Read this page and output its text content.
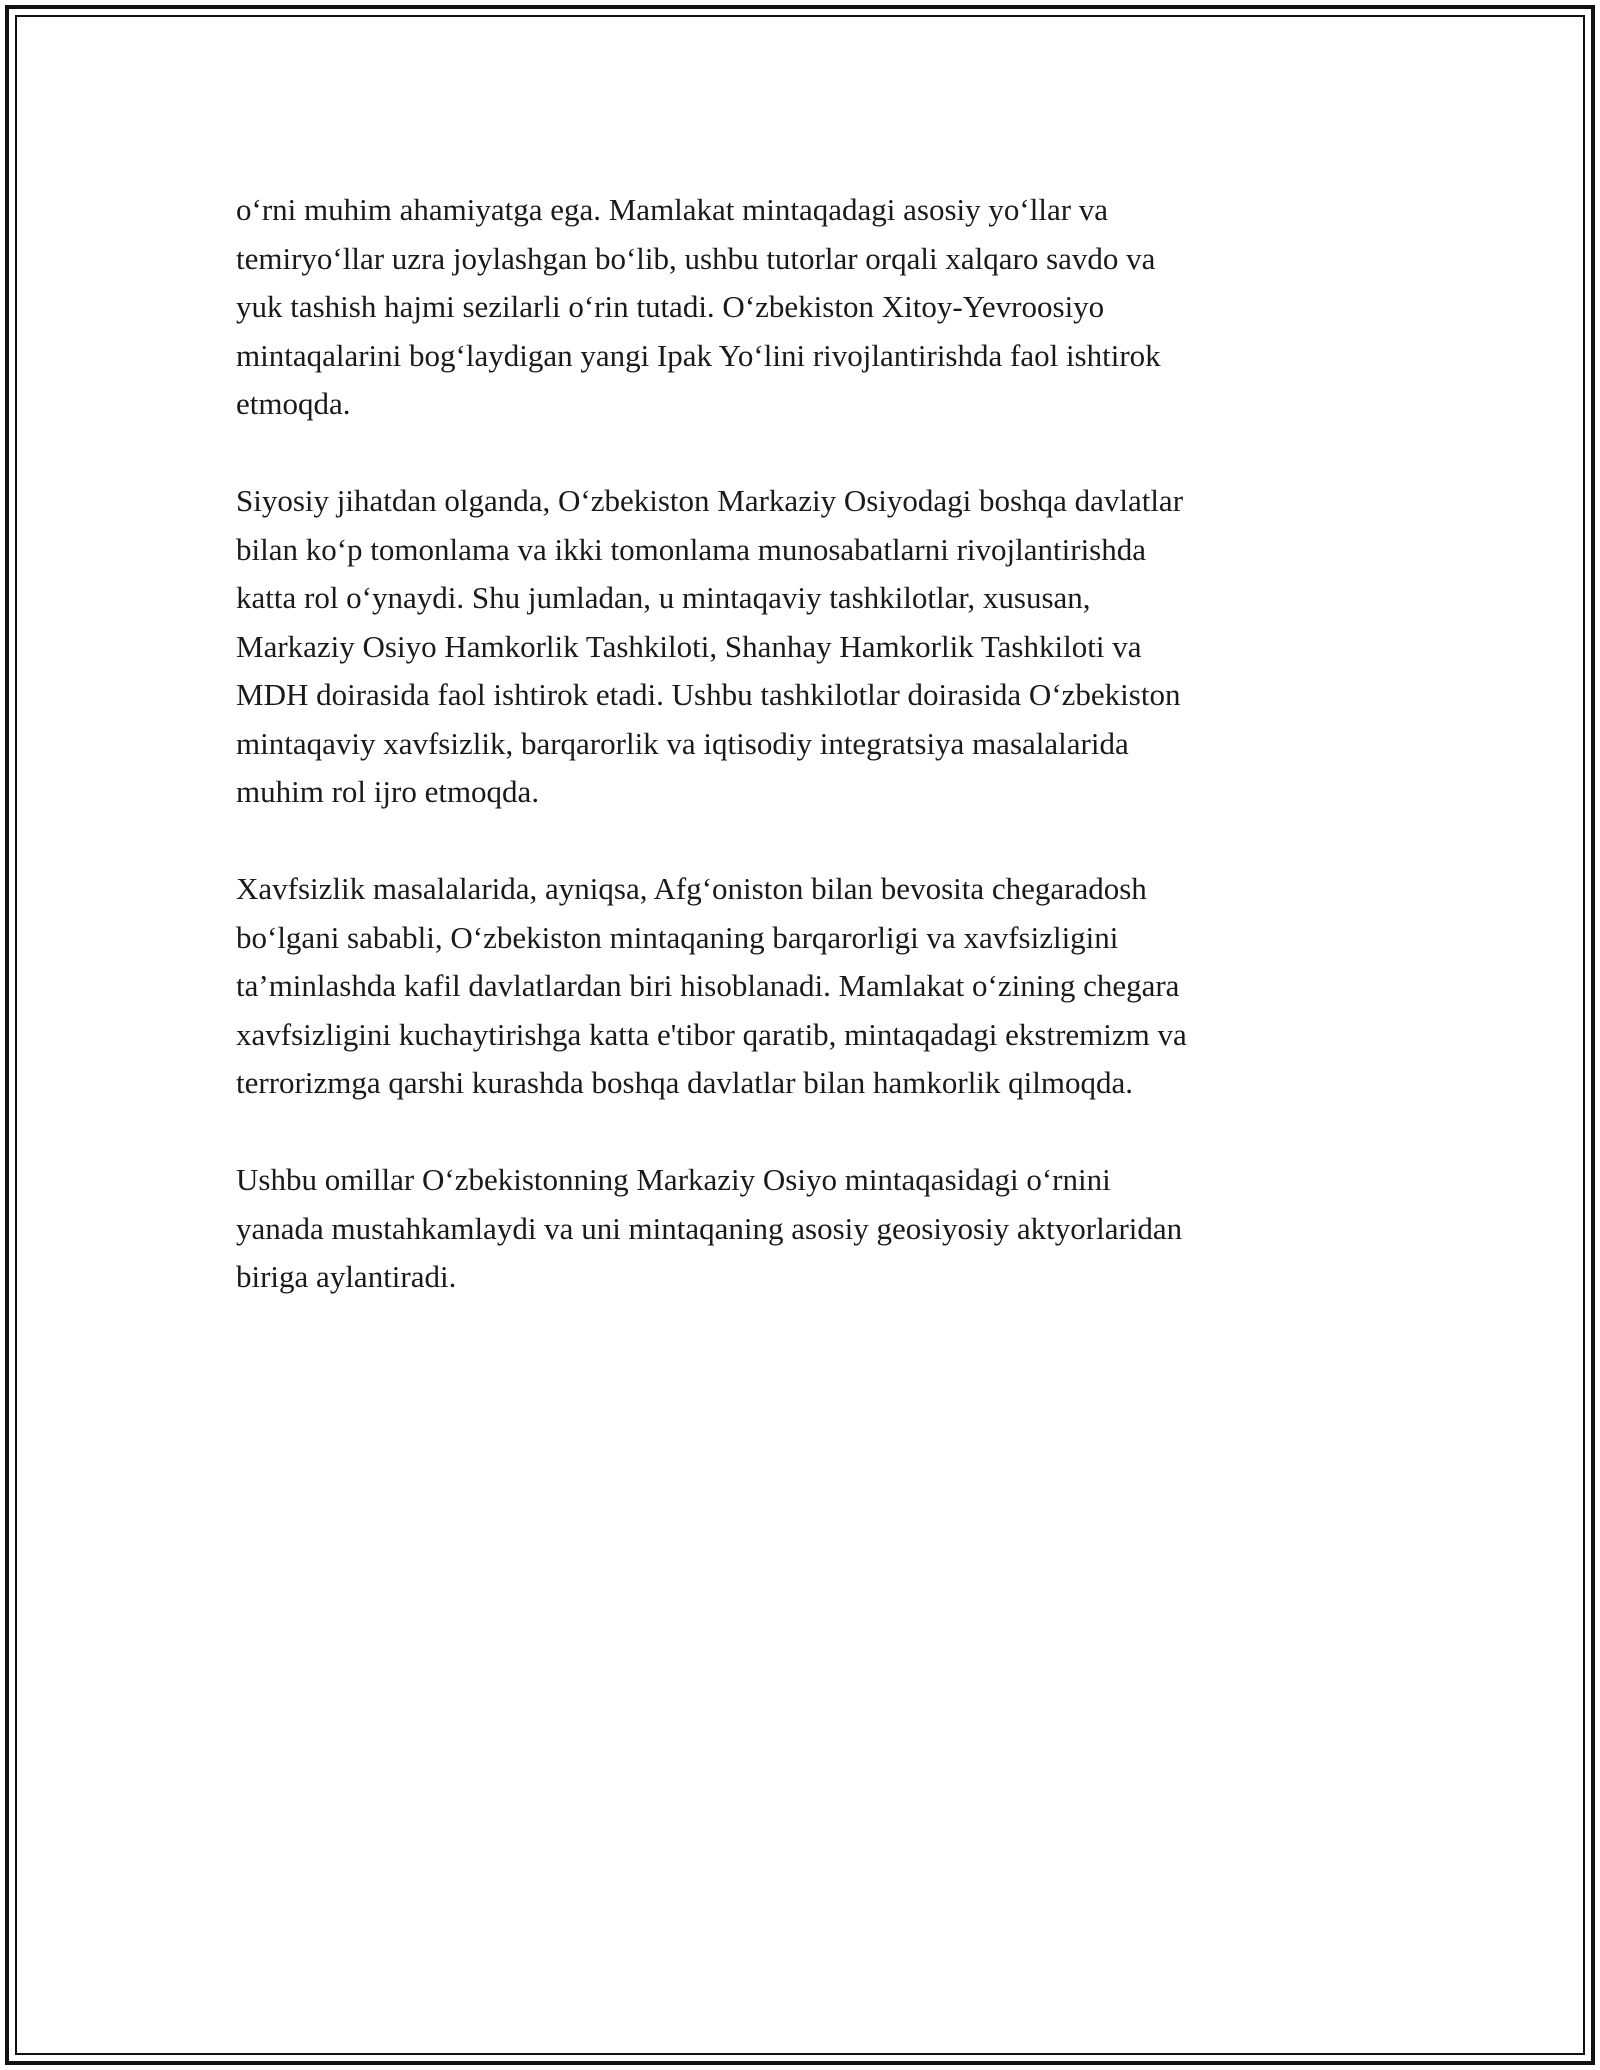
o‘rni muhim ahamiyatga ega. Mamlakat mintaqadagi asosiy yo‘llar va
temiryo‘llar uzra joylashgan bo‘lib, ushbu tutorlar orqali xalqaro savdo va
yuk tashish hajmi sezilarli o‘rin tutadi. O‘zbekiston Xitoy-Yevroosiyo
mintaqalarini bog‘laydigan yangi Ipak Yo‘lini rivojlantirishda faol ishtirok
etmoqda.

Siyosiy jihatdan olganda, O‘zbekiston Markaziy Osiyodagi boshqa davlatlar
bilan ko‘p tomonlama va ikki tomonlama munosabatlarni rivojlantirishda
katta rol o‘ynaydi. Shu jumladan, u mintaqaviy tashkilotlar, xususan,
Markaziy Osiyo Hamkorlik Tashkiloti, Shanhay Hamkorlik Tashkiloti va
MDH doirasida faol ishtirok etadi. Ushbu tashkilotlar doirasida O‘zbekiston
mintaqaviy xavfsizlik, barqarorlik va iqtisodiy integratsiya masalalarida
muhim rol ijro etmoqda.

Xavfsizlik masalalarida, ayniqsa, Afg‘oniston bilan bevosita chegaradosh
bo‘lgani sababli, O‘zbekiston mintaqaning barqarorligi va xavfsizligini
ta’minlashda kafil davlatlardan biri hisoblanadi. Mamlakat o‘zining chegara
xavfsizligini kuchaytirishga katta e'tibor qaratib, mintaqadagi ekstremizm va
terrorizmga qarshi kurashda boshqa davlatlar bilan hamkorlik qilmoqda.

Ushbu omillar O‘zbekistonning Markaziy Osiyo mintaqasidagi o‘rnini
yanada mustahkamlaydi va uni mintaqaning asosiy geosiyosiy aktyorlaridan
biriga aylantiradi.
